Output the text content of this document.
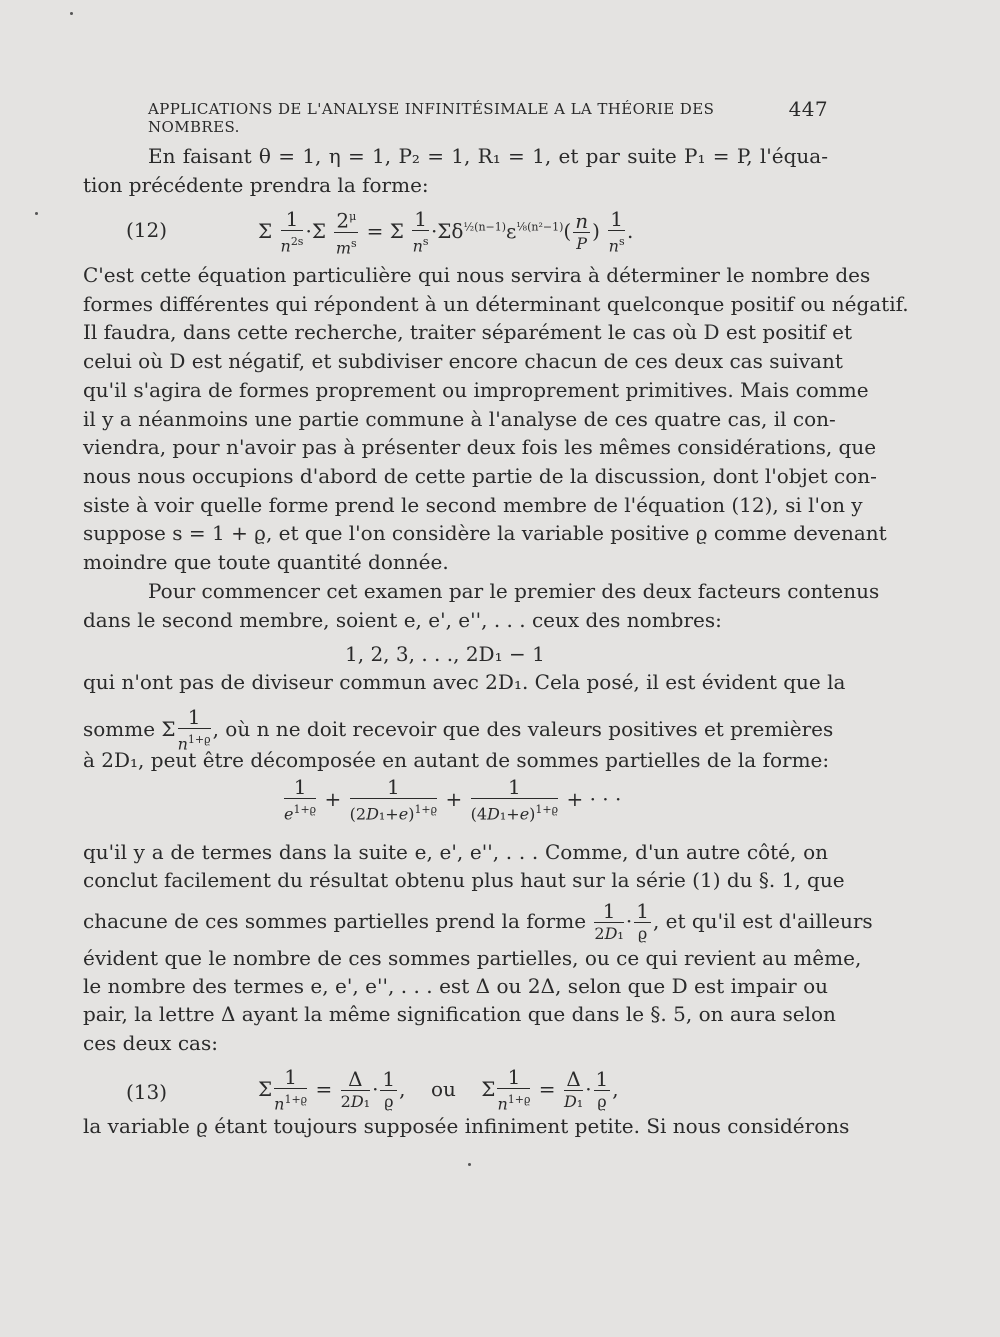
APPLICATIONS DE L'ANALYSE INFINITÉSIMALE A LA THÉORIE DES NOMBRES.
447
En faisant θ = 1, η = 1, P₂ = 1, R₁ = 1, et par suite P₁ = P, l'équa-
tion précédente prendra la forme:
(12)	Σ $\frac{1}{n^{2s}} \cdot\Sigma \frac{2^\mu}{m^s} = \Sigma \frac{1}{n^s} \cdot\Sigma\delta^{\frac{1}{2}(n-1)}\varepsilon^{\frac{1}{8}(n^2-1)}( \frac{n}{P}$ ) $\frac{1}{n^s}$ .
C'est cette équation particulière qui nous servira à déterminer le nombre des
formes différentes qui répondent à un déterminant quelconque positif ou négatif.
Il faudra, dans cette recherche, traiter séparément le cas où D est positif et
celui où D est négatif, et subdiviser encore chacun de ces deux cas suivant
qu'il s'agira de formes proprement ou improprement primitives. Mais comme
il y a néanmoins une partie commune à l'analyse de ces quatre cas, il con-
viendra, pour n'avoir pas à présenter deux fois les mêmes considérations, que
nous nous occupions d'abord de cette partie de la discussion, dont l'objet con-
siste à voir quelle forme prend le second membre de l'équation (12), si l'on y
suppose s = 1 + ϱ, et que l'on considère la variable positive ϱ comme devenant
moindre que toute quantité donnée.
Pour commencer cet examen par le premier des deux facteurs contenus
dans le second membre, soient e, e', e'', . . . ceux des nombres:
1, 2, 3, . . ., 2D₁ − 1
qui n'ont pas de diviseur commun avec 2D₁. Cela posé, il est évident que la
somme Σ $\frac{1}{n^{1+ϱ}}$ , où n ne doit recevoir que des valeurs positives et premières
à 2D₁, peut être décomposée en autant de sommes partielles de la forme:
$\frac{1}{e^{1+ϱ}} + \frac{1}{(2D_1+e)^{1+ϱ}} + \frac{1}{(4D_1+e)^{1+ϱ}}$ + · · ·
qu'il y a de termes dans la suite e, e', e'', . . . Comme, d'un autre côté, on
conclut facilement du résultat obtenu plus haut sur la série (1) du §. 1, que
chacune de ces sommes partielles prend la forme $\frac{1}{\text{2D₁}} \cdot \frac{1}{ϱ}$ , et qu'il est d'ailleurs
évident que le nombre de ces sommes partielles, ou ce qui revient au même,
le nombre des termes e, e', e'', . . . est Δ ou 2Δ, selon que D est impair ou
pair, la lettre Δ ayant la même signification que dans le §. 5, on aura selon
ces deux cas:
(13)	Σ $\frac{1}{n^{1+ϱ}} = \frac{\Delta}{\text{2D₁}} \cdot \frac{1}{ϱ}$ ,    ou    Σ $\frac{1}{n^{1+ϱ}} = \frac{\Delta}{\text{D₁}} \cdot \frac{1}{ϱ}$ ,
la variable ϱ étant toujours supposée infiniment petite. Si nous considérons
